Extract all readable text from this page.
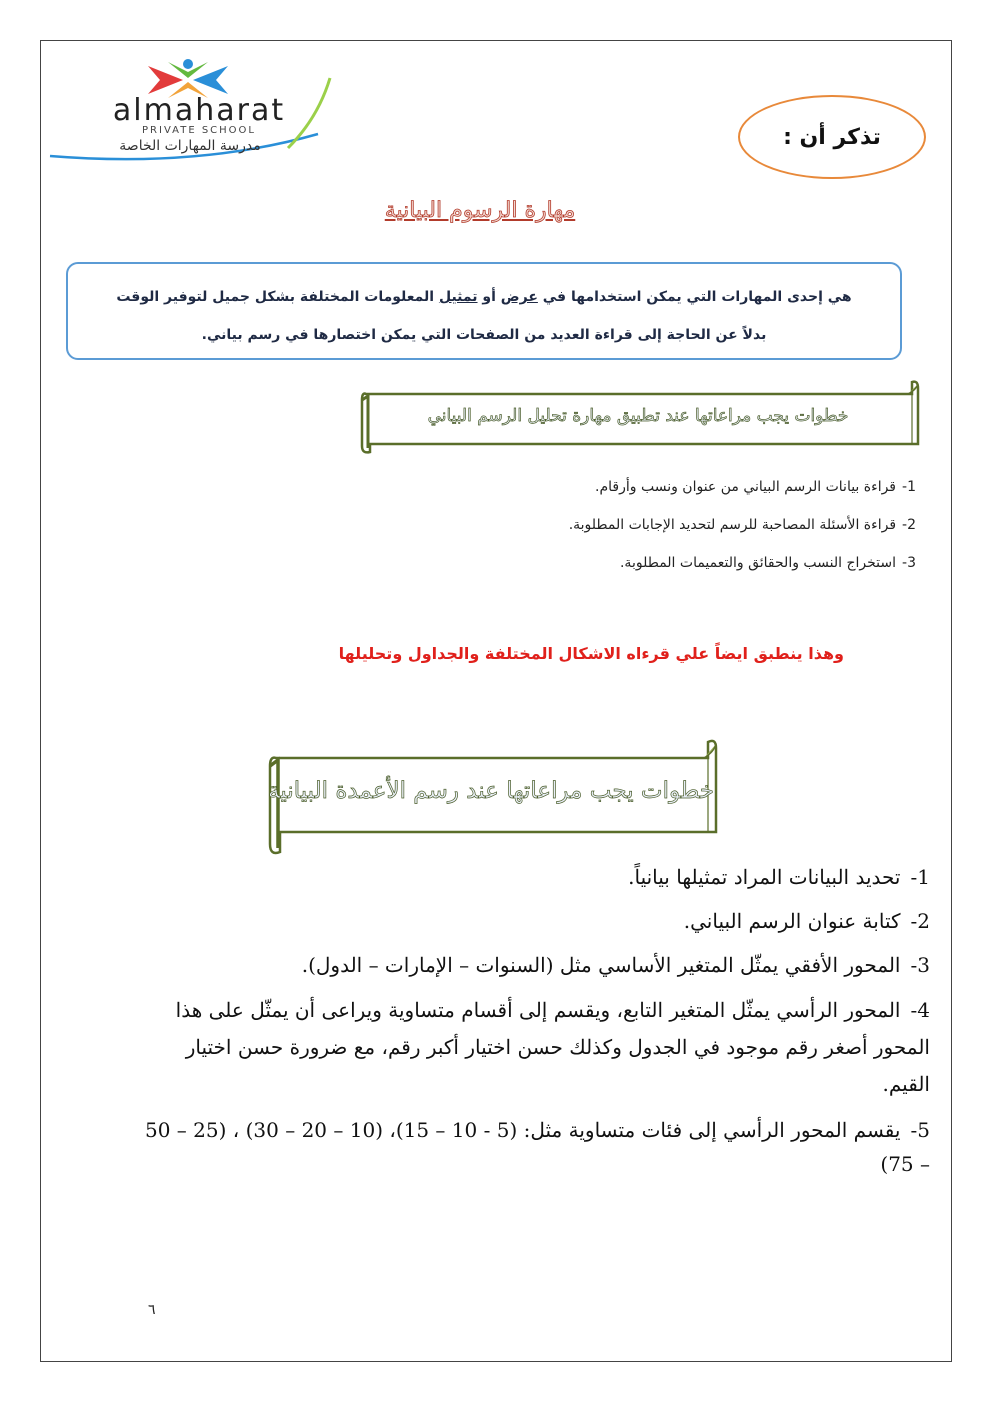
almaharat
PRIVATE SCHOOL
مدرسة المهارات الخاصة	تذكر أن :
مهارة الرسوم البيانية
هي إحدى المهارات التي يمكن استخدامها في عرض أو تمثيل المعلومات المختلفة بشكل جميل لتوفير الوقت
بدلاً عن الحاجة إلى قراءة العديد من الصفحات التي يمكن اختصارها في رسم بياني.
خطوات يجب مراعاتها عند تطبيق مهارة تحليل الرسم البياني
1-قراءة بيانات الرسم البياني من عنوان ونسب وأرقام.
2-قراءة الأسئلة المصاحبة للرسم لتحديد الإجابات المطلوبة.
3-استخراج النسب والحقائق والتعميمات المطلوبة.
وهذا ينطبق ايضاً علي قرءاه الاشكال المختلفة والجداول وتحليلها
خطوات يجب مراعاتها عند رسم الأعمدة البيانية
1-تحديد البيانات المراد تمثيلها بيانياً.
2-كتابة عنوان الرسم البياني.
3-المحور الأفقي يمثّل المتغير الأساسي مثل (السنوات – الإمارات – الدول).
4-المحور الرأسي يمثّل المتغير التابع، ويقسم إلى أقسام متساوية ويراعى أن يمثّل على هذا المحور أصغر رقم موجود في الجدول وكذلك حسن اختيار أكبر رقم، مع ضرورة حسن اختيار القيم.
5-يقسم المحور الرأسي إلى فئات متساوية مثل: (5 - 10 – 15)، (10 – 20 – 30) ، (25 – 50 – 75)
٦
